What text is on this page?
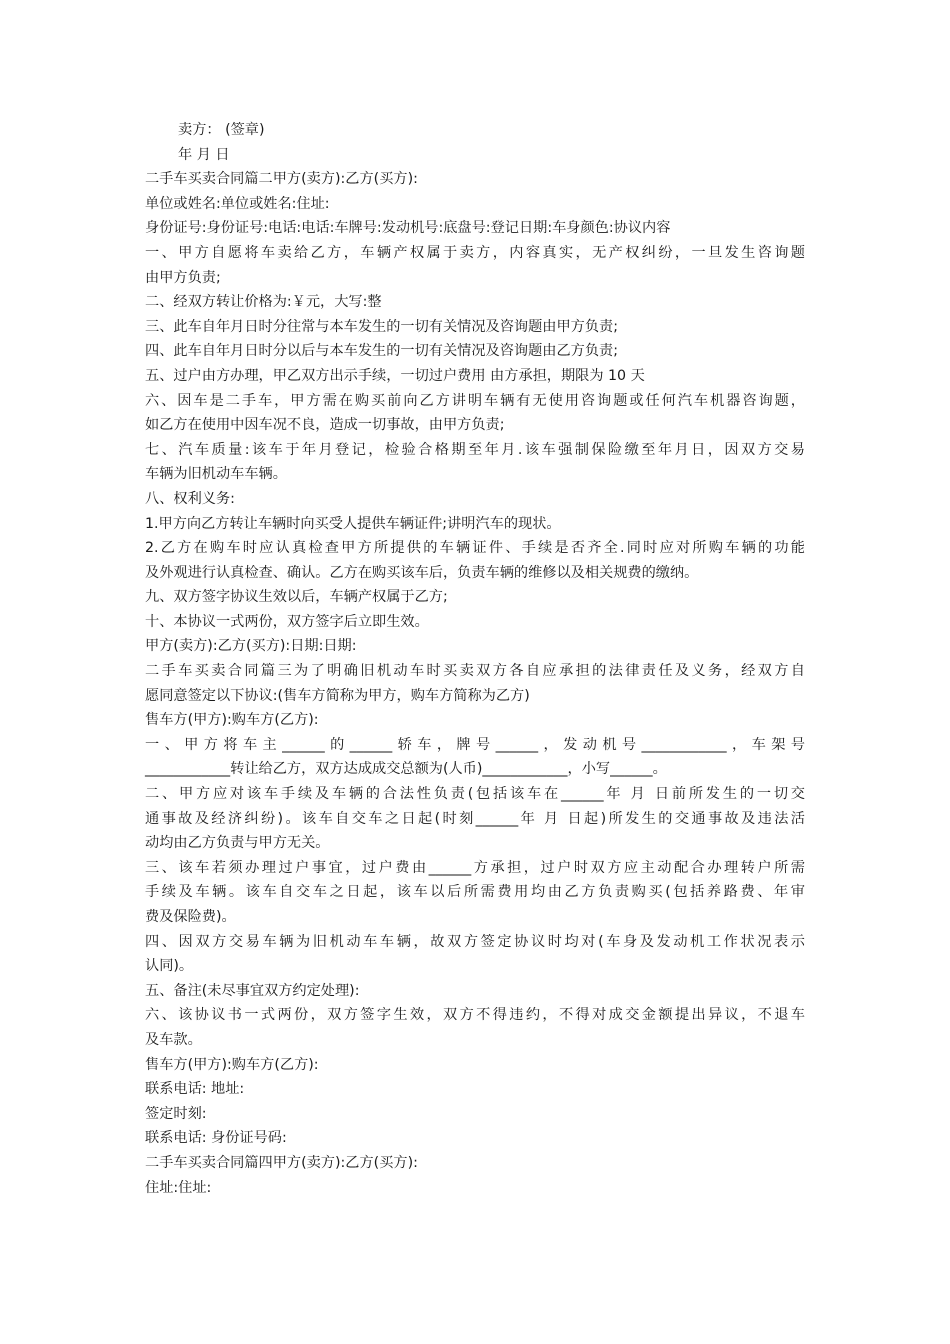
卖方： (签章)
年 月 日
二手车买卖合同篇二甲方(卖方):乙方(买方):
单位或姓名:单位或姓名:住址:
身份证号:身份证号:电话:电话:车牌号:发动机号:底盘号:登记日期:车身颜色:协议内容
一、甲方自愿将车卖给乙方，车辆产权属于卖方，内容真实，无产权纠纷，一旦发生咨询题
由甲方负责;
二、经双方转让价格为:￥元，大写:整
三、此车自年月日时分往常与本车发生的一切有关情况及咨询题由甲方负责;
四、此车自年月日时分以后与本车发生的一切有关情况及咨询题由乙方负责;
五、过户由方办理，甲乙双方出示手续，一切过户费用 由方承担，期限为 10 天
六、因车是二手车，甲方需在购买前向乙方讲明车辆有无使用咨询题或任何汽车机器咨询题，
如乙方在使用中因车况不良，造成一切事故，由甲方负责;
七、汽车质量:该车于年月登记，检验合格期至年月.该车强制保险缴至年月日，因双方交易
车辆为旧机动车车辆。
八、权利义务:
1.甲方向乙方转让车辆时向买受人提供车辆证件;讲明汽车的现状。
2.乙方在购车时应认真检查甲方所提供的车辆证件、手续是否齐全.同时应对所购车辆的功能
及外观进行认真检查、确认。乙方在购买该车后，负责车辆的维修以及相关规费的缴纳。
九、双方签字协议生效以后，车辆产权属于乙方;
十、本协议一式两份，双方签字后立即生效。
甲方(卖方):乙方(买方):日期:日期:
二手车买卖合同篇三为了明确旧机动车时买卖双方各自应承担的法律责任及义务，经双方自
愿同意签定以下协议:(售车方简称为甲方，购车方简称为乙方)
售车方(甲方):购车方(乙方):
一、甲方将车主______的______轿车，牌号______，发动机号____________，车架号
____________转让给乙方，双方达成成交总额为(人币)____________，小写______。
二、甲方应对该车手续及车辆的合法性负责(包括该车在______年 月 日前所发生的一切交
通事故及经济纠纷)。该车自交车之日起(时刻______年 月 日起)所发生的交通事故及违法活
动均由乙方负责与甲方无关。
三、该车若须办理过户事宜，过户费由______方承担，过户时双方应主动配合办理转户所需
手续及车辆。该车自交车之日起，该车以后所需费用均由乙方负责购买(包括养路费、年审
费及保险费)。
四、因双方交易车辆为旧机动车车辆，故双方签定协议时均对(车身及发动机工作状况表示
认同)。
五、备注(未尽事宜双方约定处理):
六、该协议书一式两份，双方签字生效，双方不得违约，不得对成交金额提出异议，不退车
及车款。
售车方(甲方):购车方(乙方):
联系电话: 地址:
签定时刻:
联系电话: 身份证号码:
二手车买卖合同篇四甲方(卖方):乙方(买方):
住址:住址:
